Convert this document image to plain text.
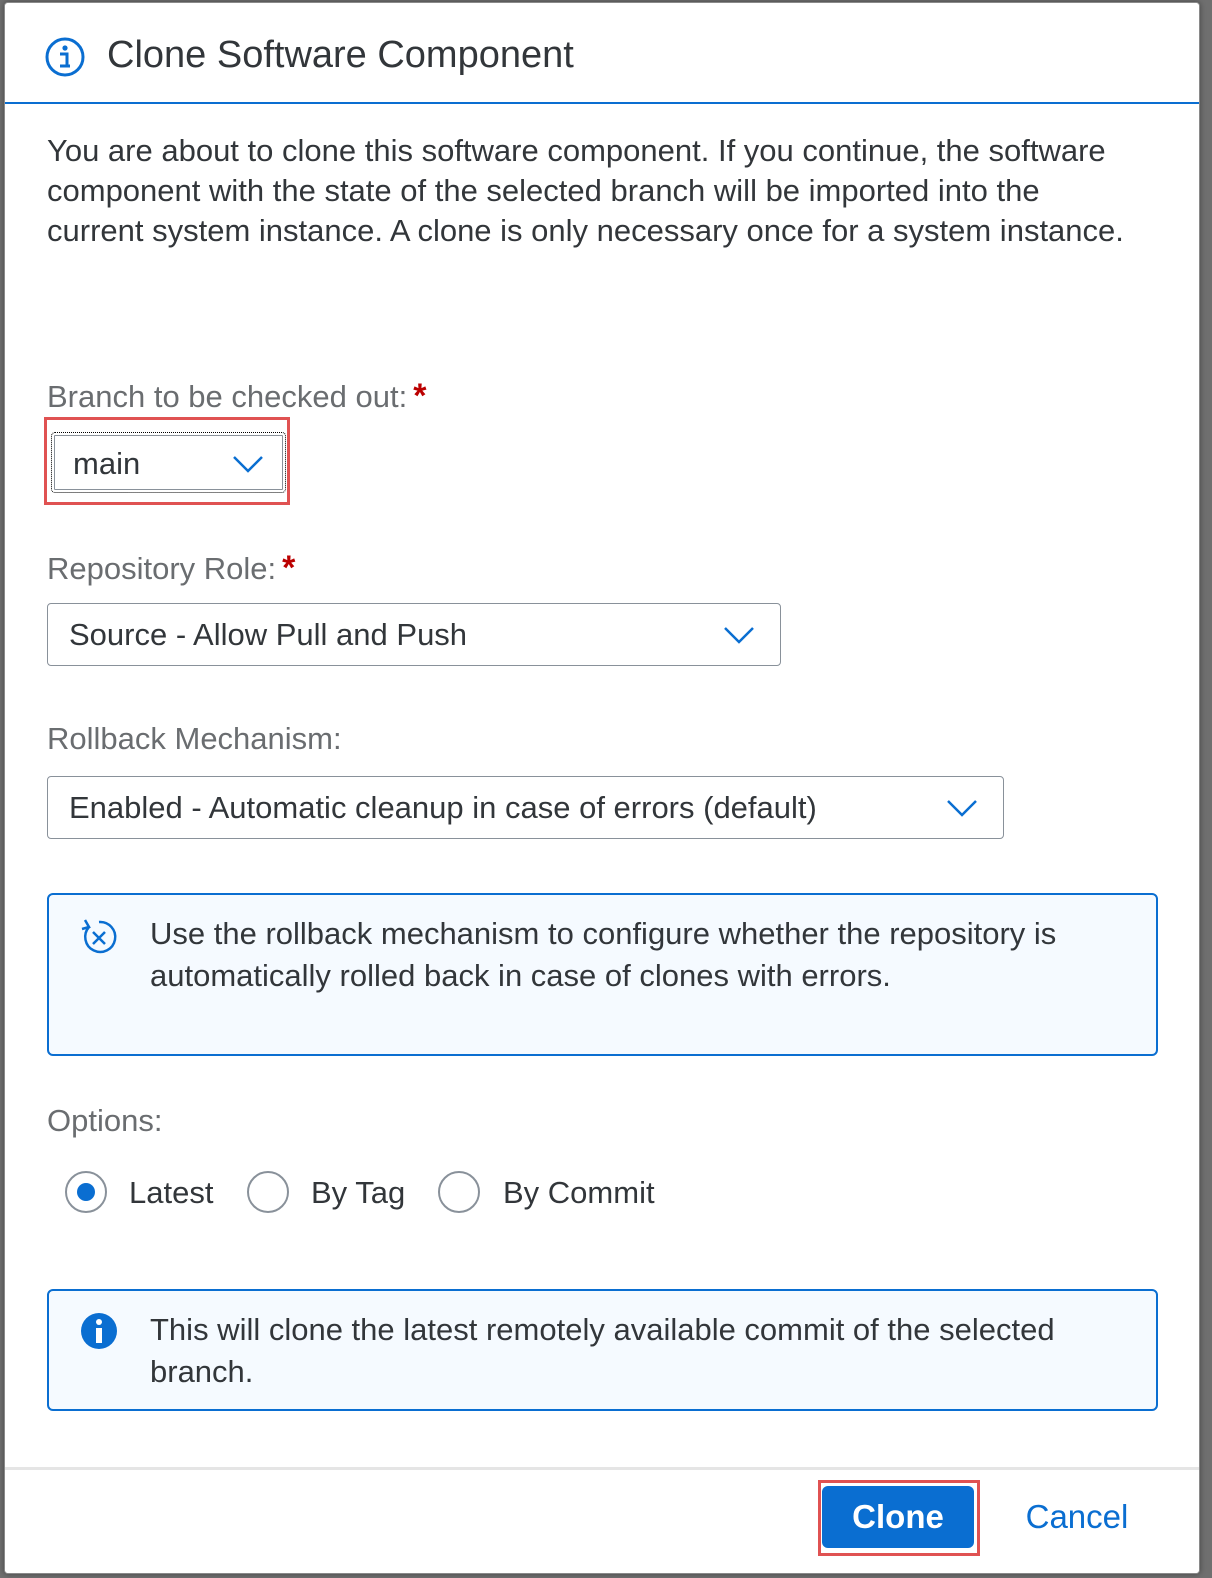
Clone Software Component
You are about to clone this software component. If you continue, the software component with the state of the selected branch will be imported into the current system instance. A clone is only necessary once for a system instance.
Branch to be checked out: *
main
Repository Role: *
Source - Allow Pull and Push
Rollback Mechanism:
Enabled - Automatic cleanup in case of errors (default)
Use the rollback mechanism to configure whether the repository is automatically rolled back in case of clones with errors.
Options:
Latest	By Tag	By Commit
This will clone the latest remotely available commit of the selected branch.
Clone	Cancel
